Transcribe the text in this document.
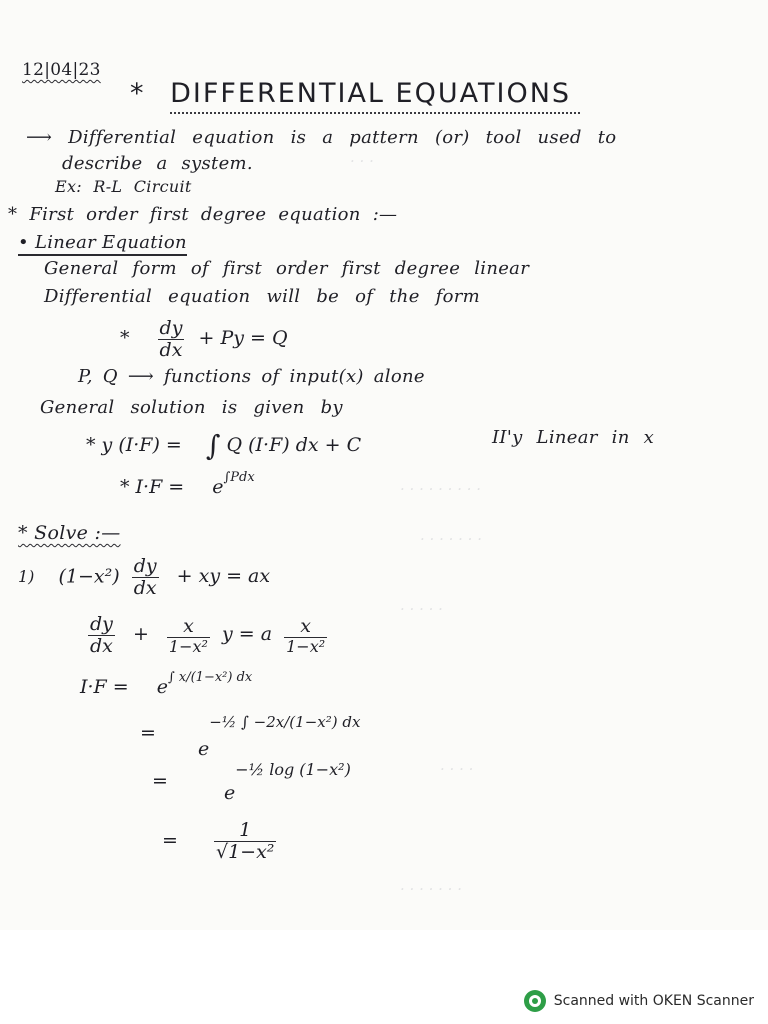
· · ·
· · · · · · · · ·
· · · · · · ·
· · · · ·
· · · ·
· · · · · · ·
12|04|23
* DIFFERENTIAL EQUATIONS
⟶ Differential equation is a pattern (or) tool used to
describe a system.
Ex: R-L Circuit
* First order first degree equation :—
• Linear Equation
General form of first order first degree linear
Differential equation will be of the form
* $\frac{dy}{dx} + Py = Q$
P, Q ⟶ functions of input(x) alone
General solution is given by
* y (I·F) = ∫ Q (I·F) dx + C	II'y Linear in x
* $I\cdot F = e^{\int Pdx}$
* Solve :—
1) $(1-x^2) \frac{dy}{dx}$ + xy = ax
$\frac{dy}{dx} + \frac{x}{\text{1−x²}}$ y = a $\frac{x}{\text{1−x²}}$
$I\cdot F = e^{\int x/(1-x^2) dx}$
= $e^{-\frac{1}{2} \int -2x/(1-x^2) dx}$
= $e^{-\frac{1}{2} log (1-x^2)}$
= $\frac{1}{\text{√1−x²}}$
Scanned with OKEN Scanner
